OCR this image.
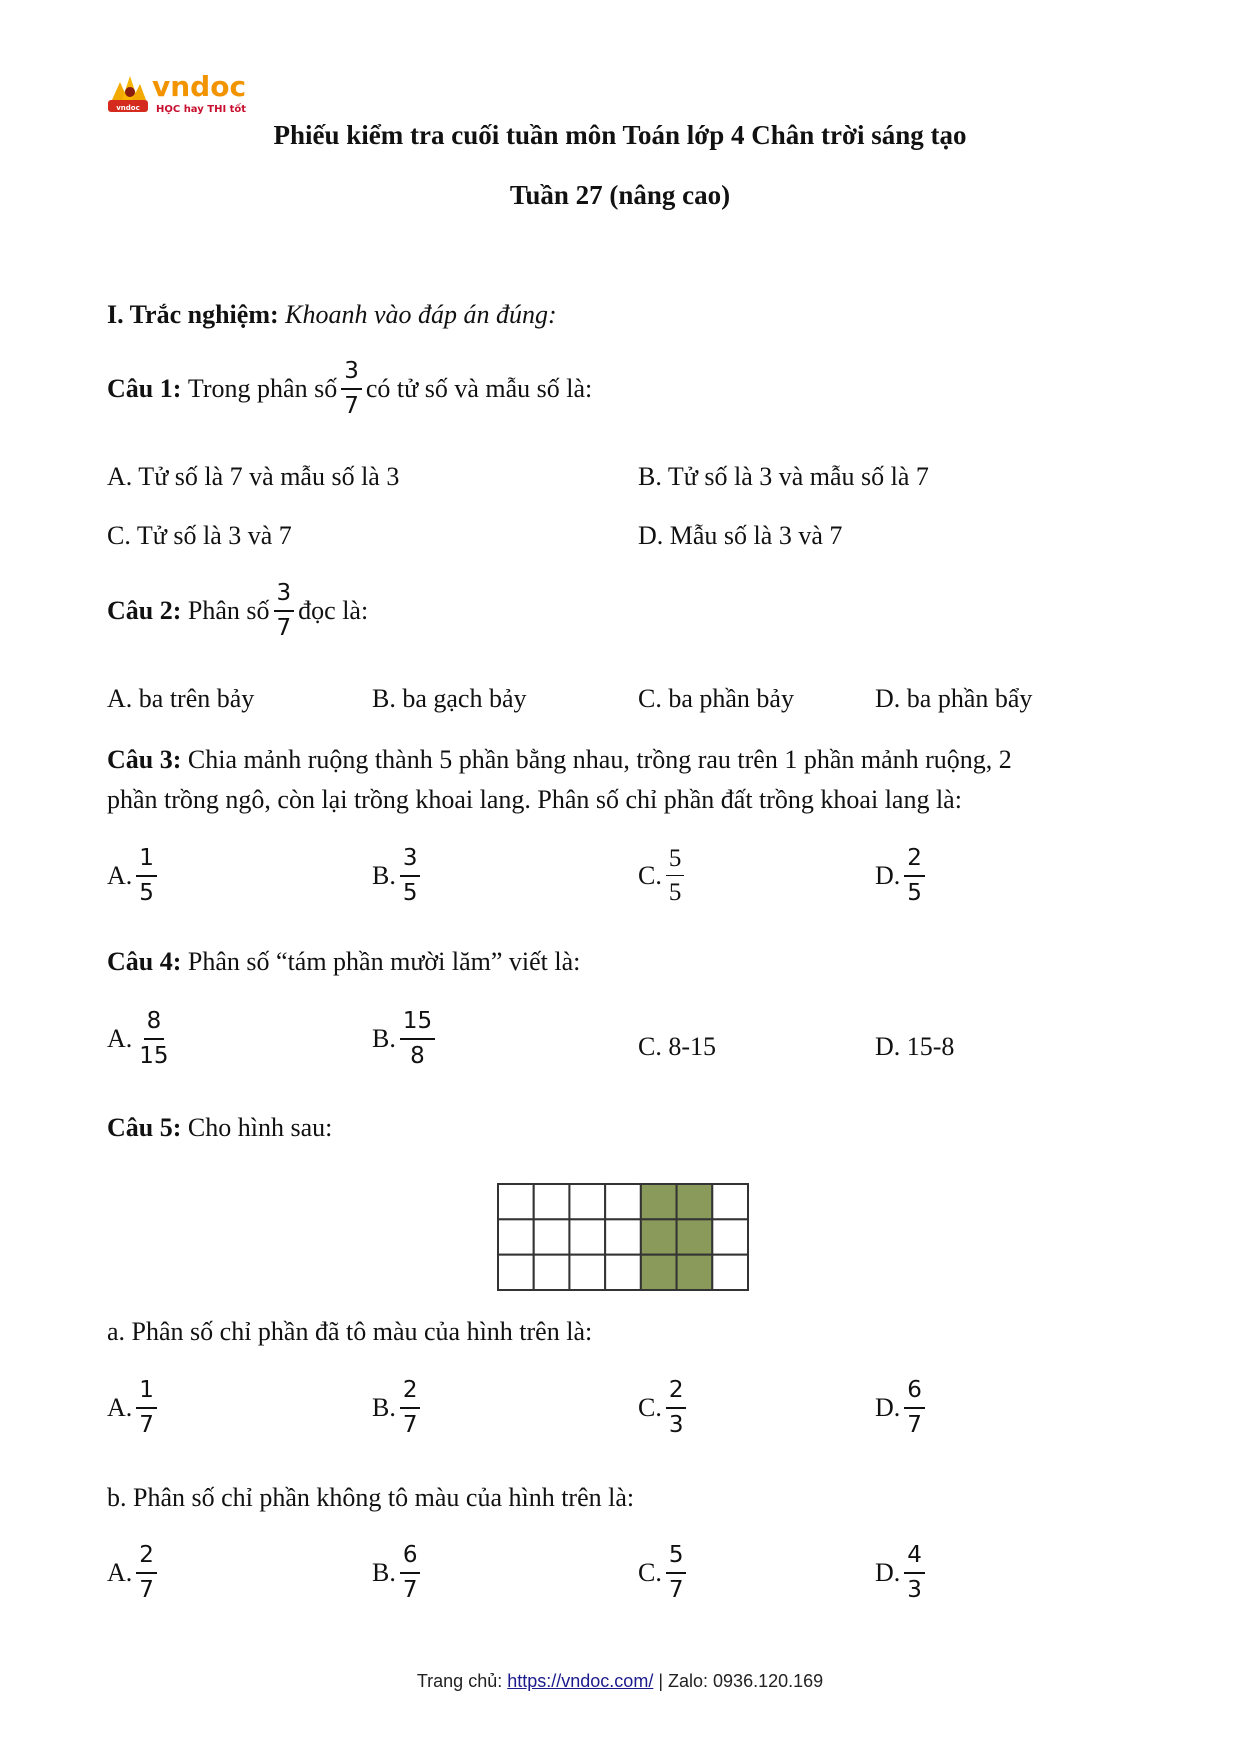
vndoc
vndoc
HỌC hay THI tốt
Phiếu kiểm tra cuối tuần môn Toán lớp 4 Chân trời sáng tạo
Tuần 27 (nâng cao)
I. Trắc nghiệm: Khoanh vào đáp án đúng:
Câu 1:
Trong phân số $\frac{3}{7}$ có tử số và mẫu số là:
A. Tử số là 7 và mẫu số là 3	B. Tử số là 3 và mẫu số là 7
C. Tử số là 3 và 7	D. Mẫu số là 3 và 7
Câu 2:
Phân số $\frac{3}{7}$ đọc là:
A. ba trên bảy	B. ba gạch bảy	C. ba phần bảy	D. ba phần bẩy
Câu 3: Chia mảnh ruộng thành 5 phần bằng nhau, trồng rau trên 1 phần mảnh ruộng, 2
phần trồng ngô, còn lại trồng khoai lang. Phân số chỉ phần đất trồng khoai lang là:
A. $\frac{1}{5}$	B. $\frac{3}{5}$	C. $\frac{5}{5}$	D. $\frac{2}{5}$
Câu 4: Phân số “tám phần mười lăm” viết là:
A. $\frac{8}{15}$	B. $\frac{15}{8}$	C. 8-15	D. 15-8
Câu 5: Cho hình sau:
a. Phân số chỉ phần đã tô màu của hình trên là:
A. $\frac{1}{7}$	B. $\frac{2}{7}$	C. $\frac{2}{3}$	D. $\frac{6}{7}$
b. Phân số chỉ phần không tô màu của hình trên là:
A. $\frac{2}{7}$	B. $\frac{6}{7}$	C. $\frac{5}{7}$	D. $\frac{4}{3}$
Trang chủ: https://vndoc.com/ | Zalo: 0936.120.169
